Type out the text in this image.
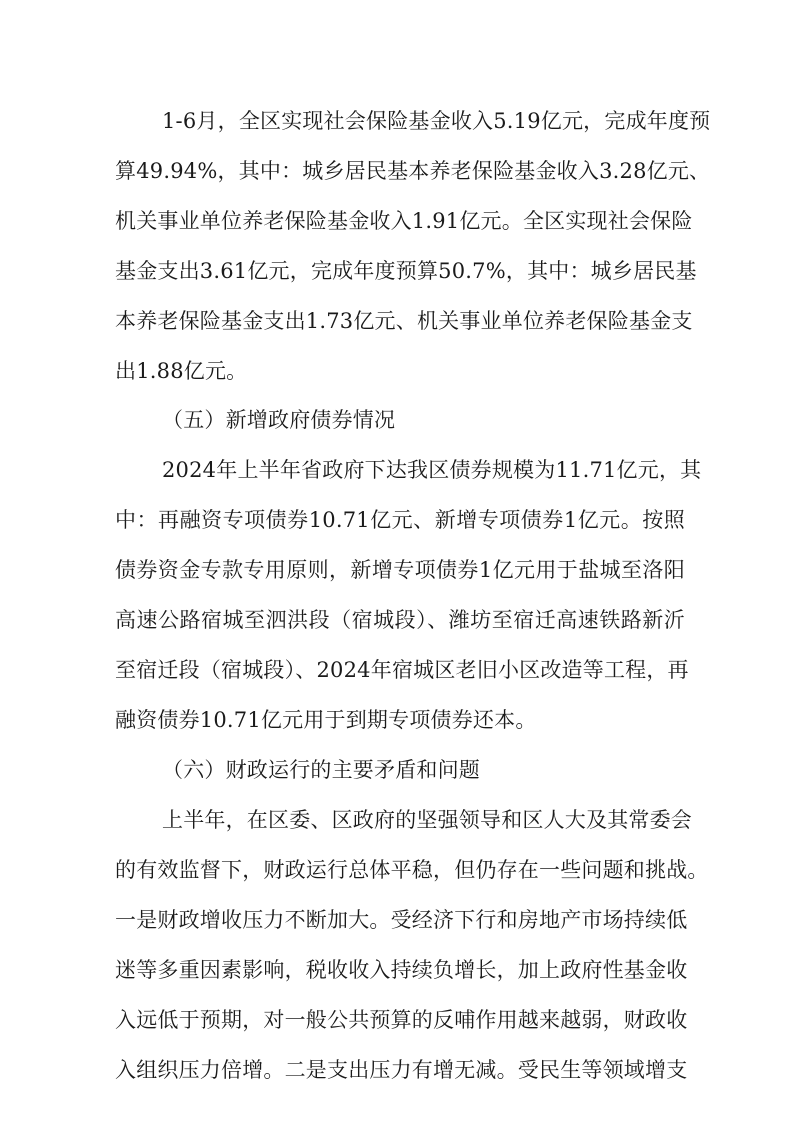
1-6月，全区实现社会保险基金收入5.19亿元，完成年度预
算49.94%，其中：城乡居民基本养老保险基金收入3.28亿元、
机关事业单位养老保险基金收入1.91亿元。全区实现社会保险
基金支出3.61亿元，完成年度预算50.7%，其中：城乡居民基
本养老保险基金支出1.73亿元、机关事业单位养老保险基金支
出1.88亿元。
（五）新增政府债券情况
2024年上半年省政府下达我区债券规模为11.71亿元，其
中：再融资专项债券10.71亿元、新增专项债券1亿元。按照
债券资金专款专用原则，新增专项债券1亿元用于盐城至洛阳
高速公路宿城至泗洪段（宿城段）、潍坊至宿迁高速铁路新沂
至宿迁段（宿城段）、2024年宿城区老旧小区改造等工程，再
融资债券10.71亿元用于到期专项债券还本。
（六）财政运行的主要矛盾和问题
上半年，在区委、区政府的坚强领导和区人大及其常委会
的有效监督下，财政运行总体平稳，但仍存在一些问题和挑战。
一是财政增收压力不断加大。受经济下行和房地产市场持续低
迷等多重因素影响，税收收入持续负增长，加上政府性基金收
入远低于预期，对一般公共预算的反哺作用越来越弱，财政收
入组织压力倍增。二是支出压力有增无减。受民生等领域增支
